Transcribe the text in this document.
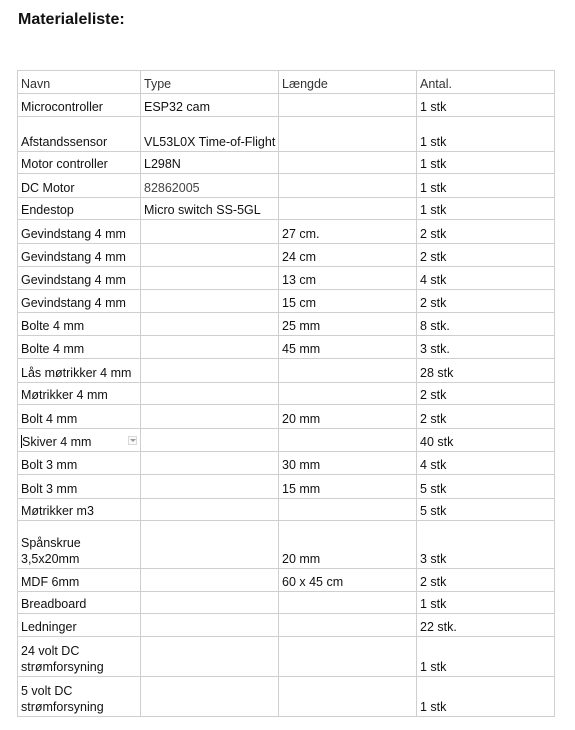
Materialeliste:
Navn	Type	Længde	Antal.
Microcontroller	ESP32 cam		1 stk
Afstandssensor	VL53L0X Time-of-Flight		1 stk
Motor controller	L298N		1 stk
DC Motor	82862005		1 stk
Endestop	Micro switch SS-5GL		1 stk
Gevindstang 4 mm		27 cm.	2 stk
Gevindstang 4 mm		24 cm	2 stk
Gevindstang 4 mm		13 cm	4 stk
Gevindstang 4 mm		15 cm	2 stk
Bolte 4 mm		25 mm	8 stk.
Bolte 4 mm		45 mm	3 stk.
Lås møtrikker 4 mm			28 stk
Møtrikker 4 mm			2 stk
Bolt 4 mm		20 mm	2 stk

Skiver 4 mm			40 stk
Bolt 3 mm		30 mm	4 stk
Bolt 3 mm		15 mm	5 stk
Møtrikker m3			5 stk
Spånskrue 3,5x20mm		20 mm	3 stk
MDF 6mm		60 x 45 cm	2 stk
Breadboard			1 stk
Ledninger			22 stk.
24 volt DC strømforsyning			1 stk
5 volt DC strømforsyning			1 stk
